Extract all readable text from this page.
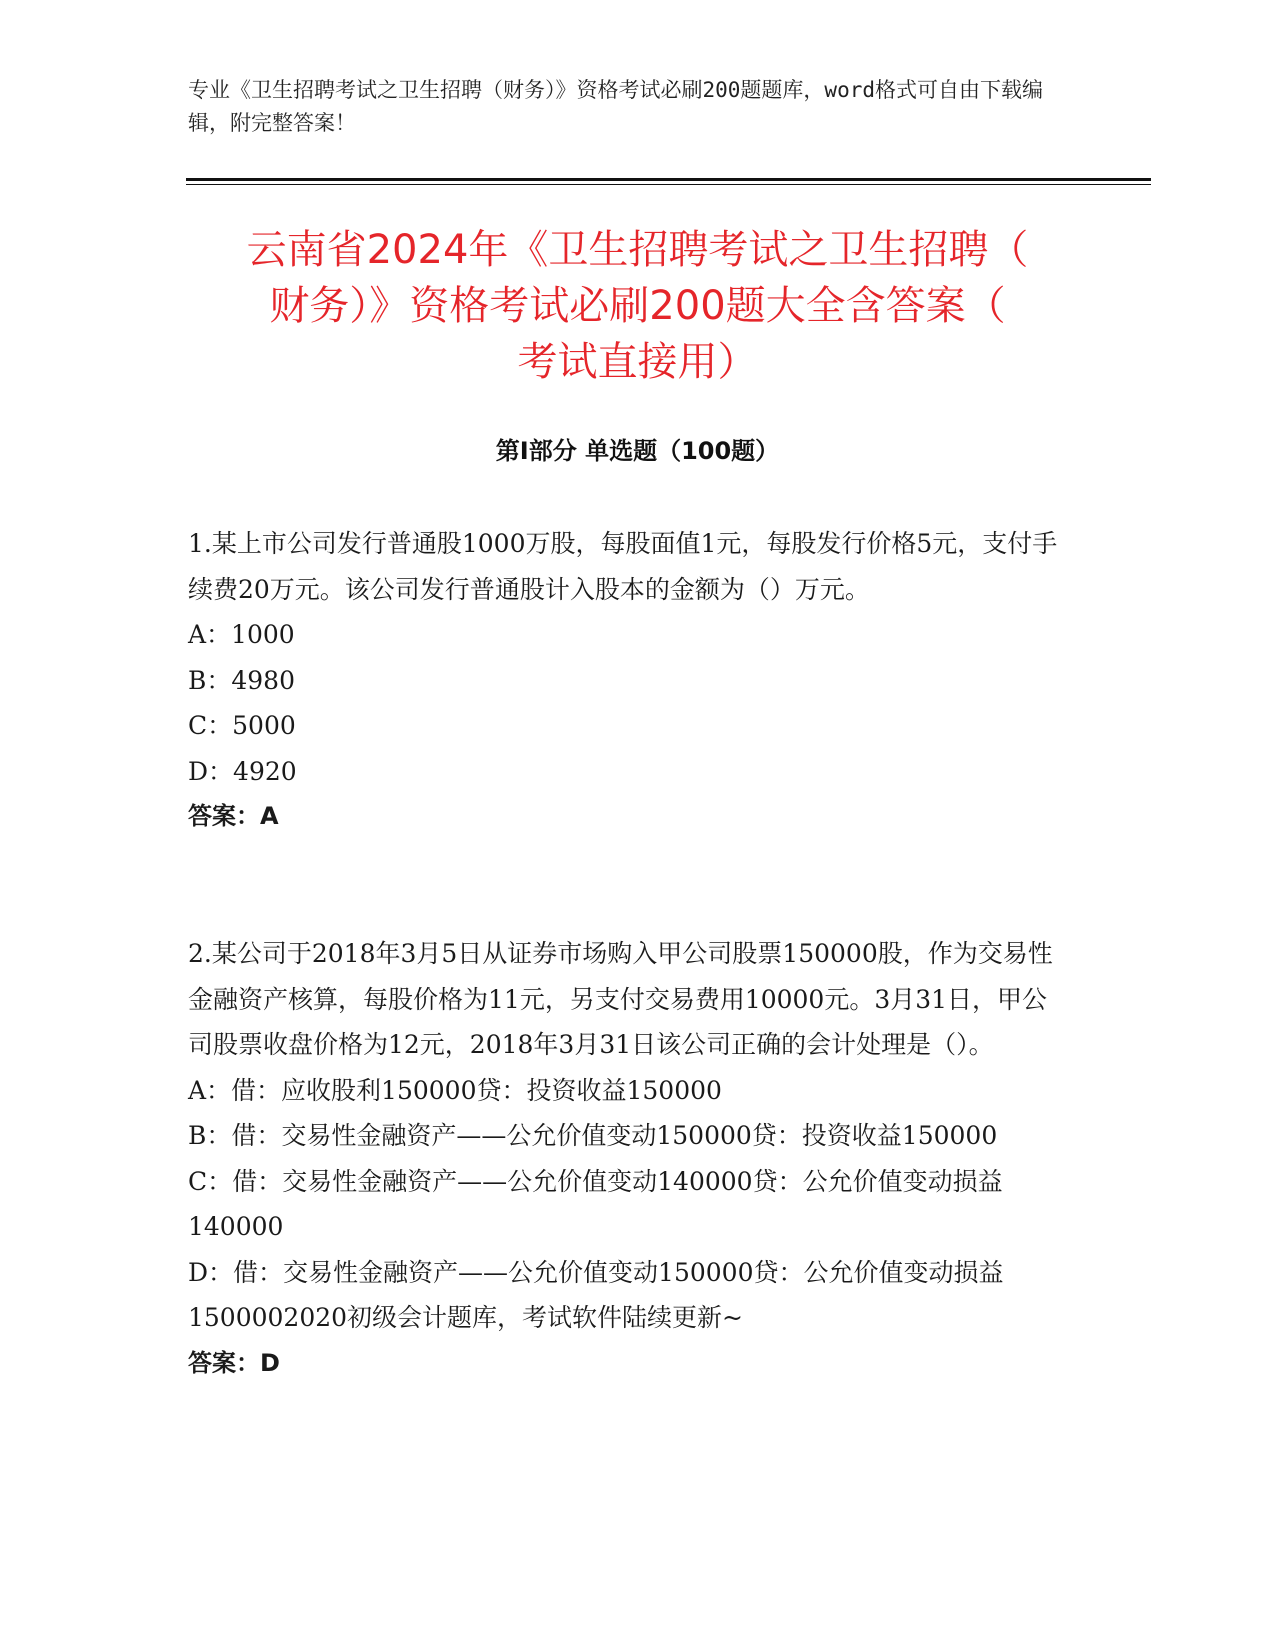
专业《卫生招聘考试之卫生招聘（财务）》资格考试必刷200题题库，word格式可自由下载编辑，附完整答案！
云南省2024年《卫生招聘考试之卫生招聘（
财务）》资格考试必刷200题大全含答案（
考试直接用）
第I部分 单选题（100题）

1.某上市公司发行普通股1000万股，每股面值1元，每股发行价格5元，支付手续费20万元。该公司发行普通股计入股本的金额为（）万元。

A：1000

B：4980

C：5000

D：4920

答案：A

2.某公司于2018年3月5日从证券市场购入甲公司股票150000股，作为交易性金融资产核算，每股价格为11元，另支付交易费用10000元。3月31日，甲公司股票收盘价格为12元，2018年3月31日该公司正确的会计处理是（）。

A：借：应收股利150000贷：投资收益150000

B：借：交易性金融资产——公允价值变动150000贷：投资收益150000

C：借：交易性金融资产——公允价值变动140000贷：公允价值变动损益140000

D：借：交易性金融资产——公允价值变动150000贷：公允价值变动损益1500002020初级会计题库，考试软件陆续更新~

答案：D
